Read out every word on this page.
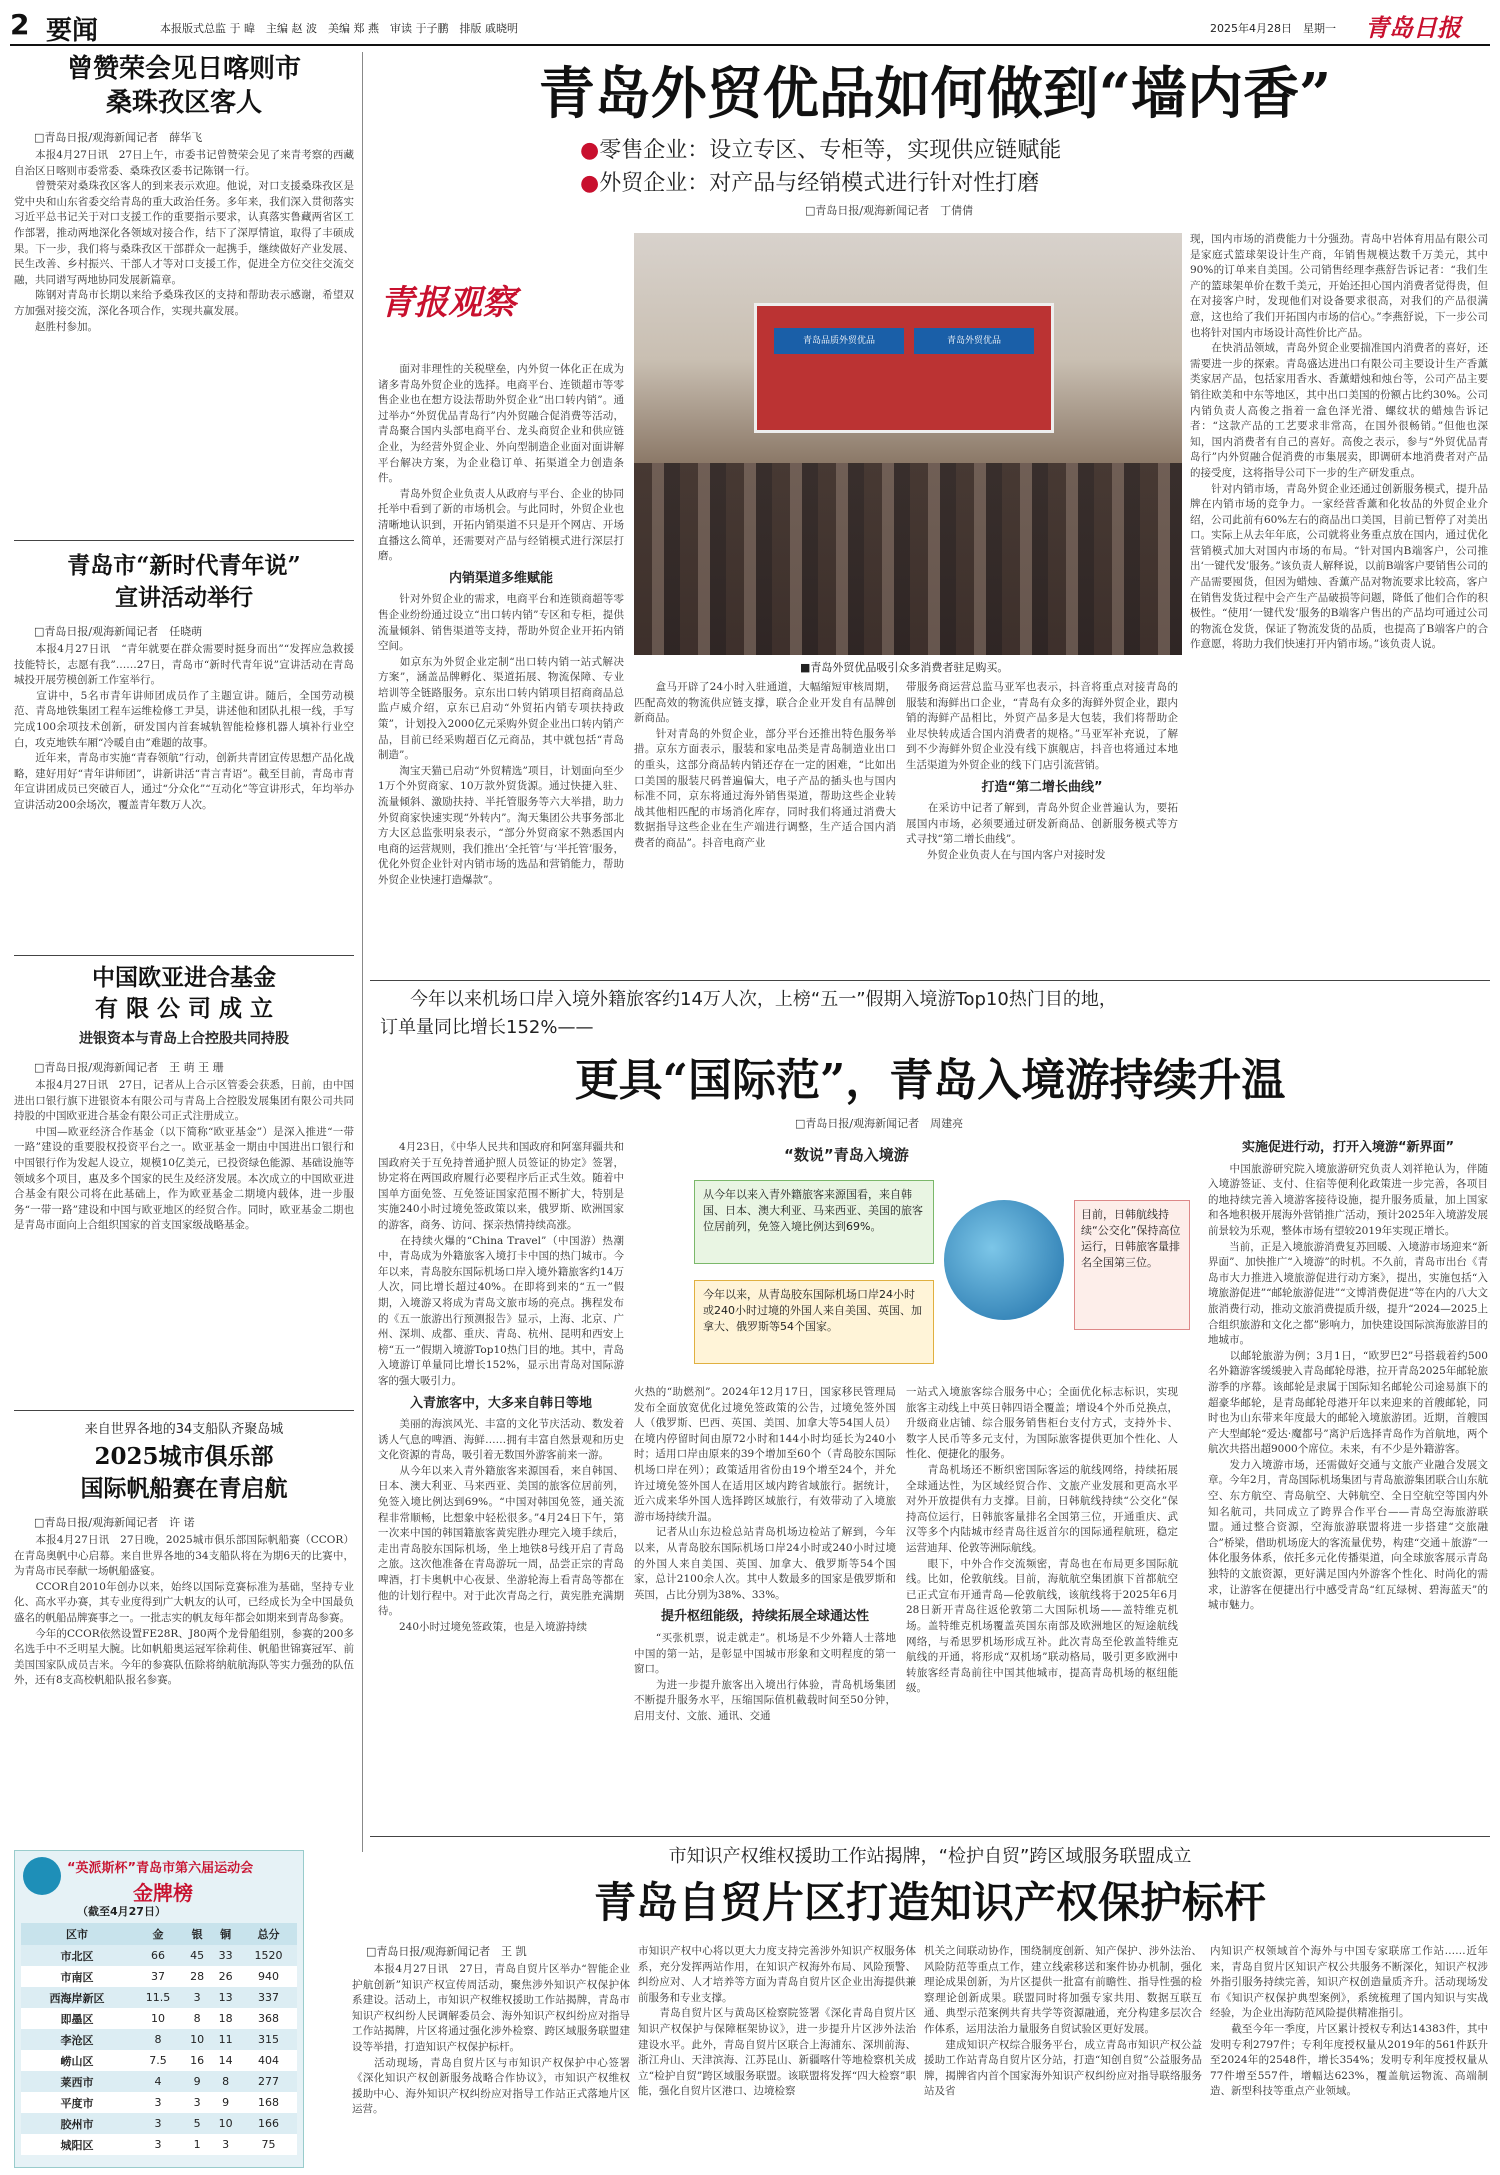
2 要闻	本报版式总监 于 暐　主编 赵 波　美编 郑 燕　审读 于子鹏　排版 戚晓明	2025年4月28日　星期一 青岛日报
曾赞荣会见日喀则市
桑珠孜区客人
□青岛日报/观海新闻记者　薛华飞
　　本报4月27日讯　27日上午，市委书记曾赞荣会见了来青考察的西藏自治区日喀则市委常委、桑珠孜区委书记陈钢一行。
　　曾赞荣对桑珠孜区客人的到来表示欢迎。他说，对口支援桑珠孜区是党中央和山东省委交给青岛的重大政治任务。多年来，我们深入贯彻落实习近平总书记关于对口支援工作的重要指示要求，认真落实鲁藏两省区工作部署，推动两地深化各领域对接合作，结下了深厚情谊，取得了丰硕成果。下一步，我们将与桑珠孜区干部群众一起携手，继续做好产业发展、民生改善、乡村振兴、干部人才等对口支援工作，促进全方位交往交流交融，共同谱写两地协同发展新篇章。
　　陈钢对青岛市长期以来给予桑珠孜区的支持和帮助表示感谢，希望双方加强对接交流，深化各项合作，实现共赢发展。
　　赵胜村参加。
青岛市“新时代青年说”
宣讲活动举行
□青岛日报/观海新闻记者　任晓萌
　　本报4月27日讯　“青年就要在群众需要时挺身而出”“发挥应急救援技能特长，志愿有我”……27日，青岛市“新时代青年说”宣讲活动在青岛城投开展劳模创新工作室举行。
　　宣讲中，5名市青年讲师团成员作了主题宣讲。随后，全国劳动模范、青岛地铁集团工程车运维检修工尹昊，讲述他和团队扎根一线，手写完成100余项技术创新，研发国内首套城轨智能检修机器人填补行业空白，攻克地铁车厢“冷暖自由”难题的故事。
　　近年来，青岛市实施“青春领航”行动，创新共青团宣传思想产品化战略，建好用好“青年讲师团”，讲新讲活“青言青语”。截至目前，青岛市青年宣讲团成员已突破百人，通过“分众化”“互动化”等宣讲形式，年均举办宣讲活动200余场次，覆盖青年数万人次。
中国欧亚进合基金
有 限 公 司 成 立
进银资本与青岛上合控股共同持股
□青岛日报/观海新闻记者　王 萌 王 珊
　　本报4月27日讯　27日，记者从上合示区管委会获悉，日前，由中国进出口银行旗下进银资本有限公司与青岛上合控股发展集团有限公司共同持股的中国欧亚进合基金有限公司正式注册成立。
　　中国—欧亚经济合作基金（以下简称“欧亚基金”）是深入推进“一带一路”建设的重要股权投资平台之一。欧亚基金一期由中国进出口银行和中国银行作为发起人设立，规模10亿美元，已投资绿色能源、基础设施等领域多个项目，惠及多个国家的民生及经济发展。本次成立的中国欧亚进合基金有限公司将在此基础上，作为欧亚基金二期境内载体，进一步服务“一带一路”建设和中国与欧亚地区的经贸合作。同时，欧亚基金二期也是青岛市面向上合组织国家的首支国家级战略基金。
来自世界各地的34支船队齐聚岛城
2025城市俱乐部
国际帆船赛在青启航
□青岛日报/观海新闻记者　许 诺
　　本报4月27日讯　27日晚，2025城市俱乐部国际帆船赛（CCOR）在青岛奥帆中心启幕。来自世界各地的34支船队将在为期6天的比赛中，为青岛市民奉献一场帆船盛宴。
　　CCOR自2010年创办以来，始终以国际竞赛标准为基础，坚持专业化、高水平办赛，其专业度得到广大帆友的认可，已经成长为全中国最负盛名的帆船品牌赛事之一。一批志实的帆友每年都会如期来到青岛参赛。
　　今年的CCOR依然设置FE28R、J80两个龙骨船组别，参赛的200多名选手中不乏明星大腕。比如帆船奥运冠军徐莉佳、帆船世锦赛冠军、前美国国家队成员吉米。今年的参赛队伍除将纳航航海队等实力强劲的队伍外，还有8支高校帆船队报名参赛。
“英派斯杯”青岛市第六届运动会
金牌榜
（截至4月27日）
区市	金	银	铜	总分
市北区	66	45	33	1520
市南区	37	28	26	940
西海岸新区	11.5	3	13	337
即墨区	10	8	18	368
李沧区	8	10	11	315
崂山区	7.5	16	14	404
莱西市	4	9	8	277
平度市	3	3	9	168
胶州市	3	5	10	166
城阳区	3	1	3	75
青岛外贸优品如何做到“墙内香”
●零售企业：设立专区、专柜等，实现供应链赋能
●外贸企业：对产品与经销模式进行针对性打磨
□青岛日报/观海新闻记者　丁倩倩
青报观察
　　面对非理性的关税壁垒，内外贸一体化正在成为诸多青岛外贸企业的选择。电商平台、连锁超市等零售企业也在想方设法帮助外贸企业“出口转内销”。通过举办“外贸优品青岛行”内外贸融合促消费等活动，青岛聚合国内头部电商平台、龙头商贸企业和供应链企业，为经营外贸企业、外向型制造企业面对面讲解平台解决方案，为企业稳订单、拓渠道全力创造条件。
　　青岛外贸企业负责人从政府与平台、企业的协同托举中看到了新的市场机会。与此同时，外贸企业也清晰地认识到，开拓内销渠道不只是开个网店、开场直播这么简单，还需要对产品与经销模式进行深层打磨。
内销渠道多维赋能
　　针对外贸企业的需求，电商平台和连锁商超等零售企业纷纷通过设立“出口转内销”专区和专柜，提供流量倾斜、销售渠道等支持，帮助外贸企业开拓内销空间。
　　如京东为外贸企业定制“出口转内销一站式解决方案”，涵盖品牌孵化、渠道拓展、物流保障、专业培训等全链路服务。京东出口转内销项目招商商品总监卢威介绍，京东已启动“外贸拓内销专项扶持政策”，计划投入2000亿元采购外贸企业出口转内销产品，目前已经采购超百亿元商品，其中就包括“青岛制造”。
　　淘宝天猫已启动“外贸精选”项目，计划面向至少1万个外贸商家、10万款外贸货源。通过快捷入驻、流量倾斜、激励扶持、半托管服务等六大举措，助力外贸商家快速实现“外转内”。淘天集团公共事务部北方大区总监张明泉表示，“部分外贸商家不熟悉国内电商的运营规则，我们推出‘全托管’与‘半托管’服务，优化外贸企业针对内销市场的选品和营销能力，帮助外贸企业快速打造爆款”。
青岛品质外贸优品	青岛外贸优品
■青岛外贸优品吸引众多消费者驻足购买。
　　盒马开辟了24小时入驻通道，大幅缩短审核周期，匹配高效的物流供应链支撑，联合企业开发自有品牌创新商品。
　　针对青岛的外贸企业，部分平台还推出特色服务举措。京东方面表示，服装和家电品类是青岛制造业出口的重头，这部分商品转内销还存在一定的困难，“比如出口美国的服装尺码普遍偏大，电子产品的插头也与国内标准不同，京东将通过海外销售渠道，帮助这些企业转战其他相匹配的市场消化库存，同时我们将通过消费大数据指导这些企业在生产端进行调整，生产适合国内消费者的商品”。抖音电商产业
带服务商运营总监马亚军也表示，抖音将重点对接青岛的服装和海鲜出口企业，“青岛有众多的海鲜外贸企业，跟内销的海鲜产品相比，外贸产品多是大包装，我们将帮助企业尽快转成适合国内消费者的规格。”马亚军补充说，了解到不少海鲜外贸企业没有线下旗舰店，抖音也将通过本地生活渠道为外贸企业的线下门店引流营销。
打造“第二增长曲线”
　　在采访中记者了解到，青岛外贸企业普遍认为，要拓展国内市场，必须要通过研发新商品、创新服务模式等方式寻找“第二增长曲线”。
　　外贸企业负责人在与国内客户对接时发
现，国内市场的消费能力十分强劲。青岛中岩体育用品有限公司是家庭式篮球架设计生产商，年销售规模达数千万美元，其中90%的订单来自美国。公司销售经理李燕舒告诉记者：“我们生产的篮球架单价在数千美元，开始还担心国内消费者觉得贵，但在对接客户时，发现他们对设备要求很高，对我们的产品很满意，这也给了我们开拓国内市场的信心。”李燕舒说，下一步公司也将针对国内市场设计高性价比产品。
　　在快消品领域，青岛外贸企业要揣准国内消费者的喜好，还需要进一步的探索。青岛盛达进出口有限公司主要设计生产香薰类家居产品，包括家用香水、香薰蜡烛和烛台等，公司产品主要销往欧美和中东等地区，其中出口美国的份额占比约30%。公司内销负责人高俊之指着一盒色泽光滑、螺纹状的蜡烛告诉记者：“这款产品的工艺要求非常高，在国外很畅销。”但他也深知，国内消费者有自己的喜好。高俊之表示，参与“外贸优品青岛行”内外贸融合促消费的市集展卖，即调研本地消费者对产品的接受度，这将指导公司下一步的生产研发重点。
　　针对内销市场，青岛外贸企业还通过创新服务模式，提升品牌在内销市场的竞争力。一家经营香薰和化妆品的外贸企业介绍，公司此前有60%左右的商品出口美国，目前已暂停了对美出口。实际上从去年年底，公司就将业务重点放在国内，通过优化营销模式加大对国内市场的布局。“针对国内B端客户，公司推出‘一键代发’服务。”该负责人解释说，以前B端客户要销售公司的产品需要囤货，但因为蜡烛、香薰产品对物流要求比较高，客户在销售发货过程中会产生产品破损等问题，降低了他们合作的积极性。“使用‘一键代发’服务的B端客户售出的产品均可通过公司的物流仓发货，保证了物流发货的品质，也提高了B端客户的合作意愿，将助力我们快速打开内销市场。”该负责人说。
今年以来机场口岸入境外籍旅客约14万人次，上榜“五一”假期入境游Top10热门目的地，
订单量同比增长152%——
更具“国际范”，青岛入境游持续升温
□青岛日报/观海新闻记者　周建亮
　　4月23日，《中华人民共和国政府和阿塞拜疆共和国政府关于互免持普通护照人员签证的协定》签署，协定将在两国政府履行必要程序后正式生效。随着中国单方面免签、互免签证国家范围不断扩大，特别是实施240小时过境免签政策以来，俄罗斯、欧洲国家的游客，商务、访问、探亲热情持续高涨。
　　在持续火爆的“China Travel”（中国游）热潮中，青岛成为外籍旅客入境打卡中国的热门城市。今年以来，青岛胶东国际机场口岸入境外籍旅客约14万人次，同比增长超过40%。在即将到来的“五一”假期，入境游又将成为青岛文旅市场的亮点。携程发布的《五一旅游出行预测报告》显示，上海、北京、广州、深圳、成都、重庆、青岛、杭州、昆明和西安上榜“五一”假期入境游Top10热门目的地。其中，青岛入境游订单量同比增长152%，显示出青岛对国际游客的强大吸引力。
入青旅客中，大多来自韩日等地
　　美丽的海滨风光、丰富的文化节庆活动、数发着诱人气息的啤酒、海鲜……拥有丰富自然景观和历史文化资源的青岛，吸引着无数国外游客前来一游。
　　从今年以来入青外籍旅客来源国看，来自韩国、日本、澳大利亚、马来西亚、美国的旅客位居前列，免签入境比例达到69%。“中国对韩国免签，通关流程非常顺畅，比想象中轻松很多。”4月24日下午，第一次来中国的韩国籍旅客黄宪胜办理完入境手续后，走出青岛胶东国际机场，坐上地铁8号线开启了青岛之旅。这次他准备在青岛游玩一周，品尝正宗的青岛啤酒，打卡奥帆中心夜景、坐游轮海上看青岛等都在他的计划行程中。对于此次青岛之行，黄宪胜充满期待。
　　240小时过境免签政策，也是入境游持续
“数说”青岛入境游
从今年以来入青外籍旅客来源国看，来自韩国、日本、澳大利亚、马来西亚、美国的旅客位居前列，免签入境比例达到69%。
今年以来，从青岛胶东国际机场口岸24小时或240小时过境的外国人来自美国、英国、加拿大、俄罗斯等54个国家。
目前，日韩航线持续“公交化”保持高位运行，日韩旅客量排名全国第三位。
火热的“助燃剂”。2024年12月17日，国家移民管理局发布全面放宽优化过境免签政策的公告，过境免签外国人（俄罗斯、巴西、英国、美国、加拿大等54国人员）在境内停留时间由原72小时和144小时均延长为240小时；适用口岸由原来的39个增加至60个（青岛胶东国际机场口岸在列）；政策适用省份由19个增至24个，并允许过境免签外国人在适用区域内跨省域旅行。据统计，近六成来华外国人选择跨区域旅行，有效带动了入境旅游市场持续升温。
　　记者从山东边检总站青岛机场边检站了解到，今年以来，从青岛胶东国际机场口岸24小时或240小时过境的外国人来自美国、英国、加拿大、俄罗斯等54个国家，总计2100余人次。其中人数最多的国家是俄罗斯和英国，占比分别为38%、33%。
提升枢纽能级，持续拓展全球通达性
　　“买张机票，说走就走”。机场是不少外籍人士落地中国的第一站，是彰显中国城市形象和文明程度的第一窗口。
　　为进一步提升旅客出入境出行体验，青岛机场集团不断提升服务水平，压缩国际值机截载时间至50分钟，启用支付、文旅、通讯、交通
一站式入境旅客综合服务中心；全面优化标志标识，实现旅客主动线上中英日韩四语全覆盖；增设4个外币兑换点，升级商业店铺、综合服务销售柜台支付方式，支持外卡、数字人民币等多元支付，为国际旅客提供更加个性化、人性化、便捷化的服务。
　　青岛机场还不断织密国际客运的航线网络，持续拓展全球通达性，为区域经贸合作、文旅产业发展和更高水平对外开放提供有力支撑。目前，日韩航线持续“公交化”保持高位运行，日韩旅客量排名全国第三位，开通重庆、武汉等多个内陆城市经青岛往返首尔的国际通程航班，稳定运营迪拜、伦敦等洲际航线。
　　眼下，中外合作交流频密，青岛也在布局更多国际航线。比如，伦敦航线。目前，海航航空集团旗下首都航空已正式宣布开通青岛—伦敦航线，该航线将于2025年6月28日新开青岛往返伦敦第二大国际机场——盖特维克机场。盖特维克机场覆盖英国东南部及欧洲地区的短途航线网络，与希思罗机场形成互补。此次青岛至伦敦盖特维克航线的开通，将形成“双机场”联动格局，吸引更多欧洲中转旅客经青岛前往中国其他城市，提高青岛机场的枢纽能级。
实施促进行动，打开入境游“新界面”
　　中国旅游研究院入境旅游研究负责人刘祥艳认为，伴随入境游签证、支付、住宿等便利化政策进一步完善，各项目的地持续完善入境游客接待设施，提升服务质量，加上国家和各地积极开展海外营销推广活动，预计2025年入境游发展前景较为乐观，整体市场有望较2019年实现正增长。
　　当前，正是入境旅游消费复苏回暖、入境游市场迎来“新界面”、加快推广“入境游”的时机。不久前，青岛市出台《青岛市大力推进入境旅游促进行动方案》，提出，实施包括“入境旅游促进”“邮轮旅游促进”“文博消费促进”等在内的八大文旅消费行动，推动文旅消费提质升级，提升“2024—2025上合组织旅游和文化之都”影响力，加快建设国际滨海旅游目的地城市。
　　以邮轮旅游为例；3月1日，“欧罗巴2”号搭载着约500名外籍游客缓缓驶入青岛邮轮母港，拉开青岛2025年邮轮旅游季的序幕。该邮轮是隶属于国际知名邮轮公司途易旗下的超豪华邮轮，是青岛邮轮母港开年以来迎来的首艘邮轮，同时也为山东带来年度最大的邮轮入境旅游团。近期，首艘国产大型邮轮“爱达·魔都号”离沪后选择青岛作为首航地，两个航次共搭出超9000个席位。未来，有不少是外籍游客。
　　发力入境游市场，还需做好交通与文旅产业融合发展文章。今年2月，青岛国际机场集团与青岛旅游集团联合山东航空、东方航空、青岛航空、大韩航空、全日空航空等国内外知名航司，共同成立了跨界合作平台——青岛空海旅游联盟。通过整合资源，空海旅游联盟将进一步搭建“交旅融合”桥梁，借助机场庞大的客流量优势，构建“交通＋旅游”一体化服务体系，依托多元化传播渠道，向全球旅客展示青岛独特的文旅资源，更好满足国内外游客个性化、时尚化的需求，让游客在便捷出行中感受青岛“红瓦绿树、碧海蓝天”的城市魅力。
市知识产权维权援助工作站揭牌，“检护自贸”跨区域服务联盟成立
青岛自贸片区打造知识产权保护标杆
□青岛日报/观海新闻记者　王 凯
　　本报4月27日讯　27日，青岛自贸片区举办“智能企业 护航创新”知识产权宣传周活动，聚焦涉外知识产权保护体系建设。活动上，市知识产权维权援助工作站揭牌，青岛市知识产权纠纷人民调解委员会、海外知识产权纠纷应对指导工作站揭牌，片区将通过强化涉外检察、跨区域服务联盟建设等举措，打造知识产权保护标杆。
　　活动现场，青岛自贸片区与市知识产权保护中心签署《深化知识产权创新服务战略合作协议》，市知识产权维权援助中心、海外知识产权纠纷应对指导工作站正式落地片区运营。
市知识产权中心将以更大力度支持完善涉外知识产权服务体系，充分发挥两站作用，在知识产权海外布局、风险预警、纠纷应对、人才培养等方面为青岛自贸片区企业出海提供兼前服务和专业支撑。
　　青岛自贸片区与黄岛区检察院签署《深化青岛自贸片区知识产权保护与保障框架协议》，进一步提升片区涉外法治建设水平。此外，青岛自贸片区联合上海浦东、深圳前海、浙江舟山、天津滨海、江苏昆山、新疆喀什等地检察机关成立“检护自贸”跨区域服务联盟。该联盟将发挥“四大检察”职能，强化自贸片区港口、边境检察
机关之间联动协作，围绕制度创新、知产保护、涉外法治、风险防范等重点工作，建立线索移送和案件协办机制，强化理论成果创新，为片区提供一批富有前瞻性、指导性强的检察理论创新成果。联盟同时将加强专家共用、数据互联互通、典型示范案例共育共学等资源融通，充分构建多层次合作体系，运用法治力量服务自贸试验区更好发展。
　　建成知识产权综合服务平台，成立青岛市知识产权公益援助工作站青岛自贸片区分站，打造“知创自贸”公益服务品牌，揭牌省内首个国家海外知识产权纠纷应对指导联络服务站及省
内知识产权领域首个海外与中国专家联席工作站……近年来，青岛自贸片区知识产权公共服务不断深化，知识产权涉外指引服务持续完善，知识产权创造量质齐升。活动现场发布《知识产权保护典型案例》，系统梳理了国内知识与实战经验，为企业出海防范风险提供精准指引。
　　截至今年一季度，片区累计授权专利达14383件，其中发明专利2797件；专利年度授权量从2019年的561件跃升至2024年的2548件，增长354%；发明专利年度授权量从77件增至557件，增幅达623%，覆盖航运物流、高端制造、新型科技等重点产业领域。
